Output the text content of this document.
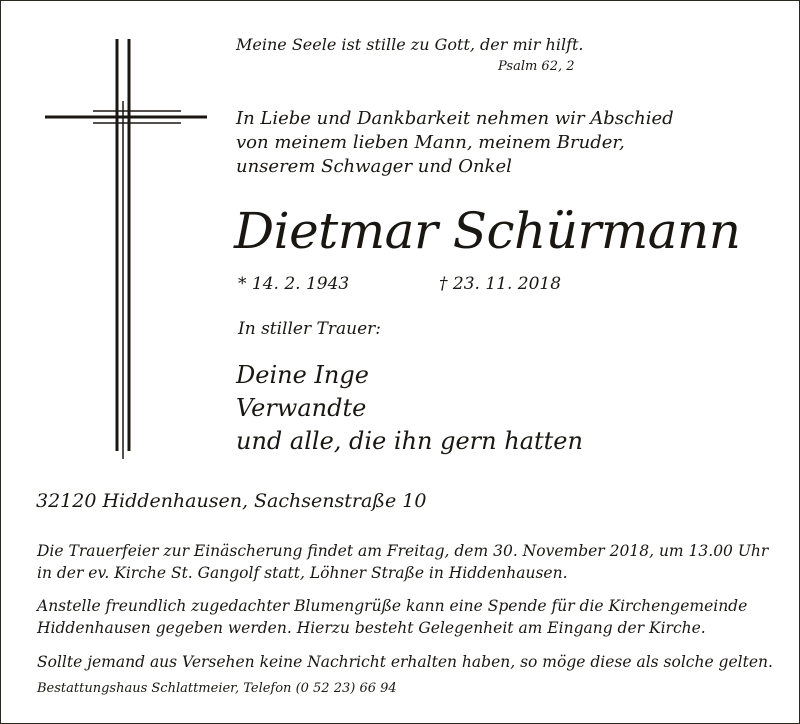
Meine Seele ist stille zu Gott, der mir hilft.
Psalm 62, 2
In Liebe und Dankbarkeit nehmen wir Abschied
von meinem lieben Mann, meinem Bruder,
unserem Schwager und Onkel
Dietmar Schürmann
* 14. 2. 1943	† 23. 11. 2018
In stiller Trauer:
Deine Inge
Verwandte
und alle, die ihn gern hatten
32120 Hiddenhausen, Sachsenstraße 10
Die Trauerfeier zur Einäscherung findet am Freitag, dem 30. November 2018, um 13.00 Uhr
in der ev. Kirche St. Gangolf statt, Löhner Straße in Hiddenhausen.
Anstelle freundlich zugedachter Blumengrüße kann eine Spende für die Kirchengemeinde
Hiddenhausen gegeben werden. Hierzu besteht Gelegenheit am Eingang der Kirche.
Sollte jemand aus Versehen keine Nachricht erhalten haben, so möge diese als solche gelten.
Bestattungshaus Schlattmeier, Telefon (0 52 23) 66 94
